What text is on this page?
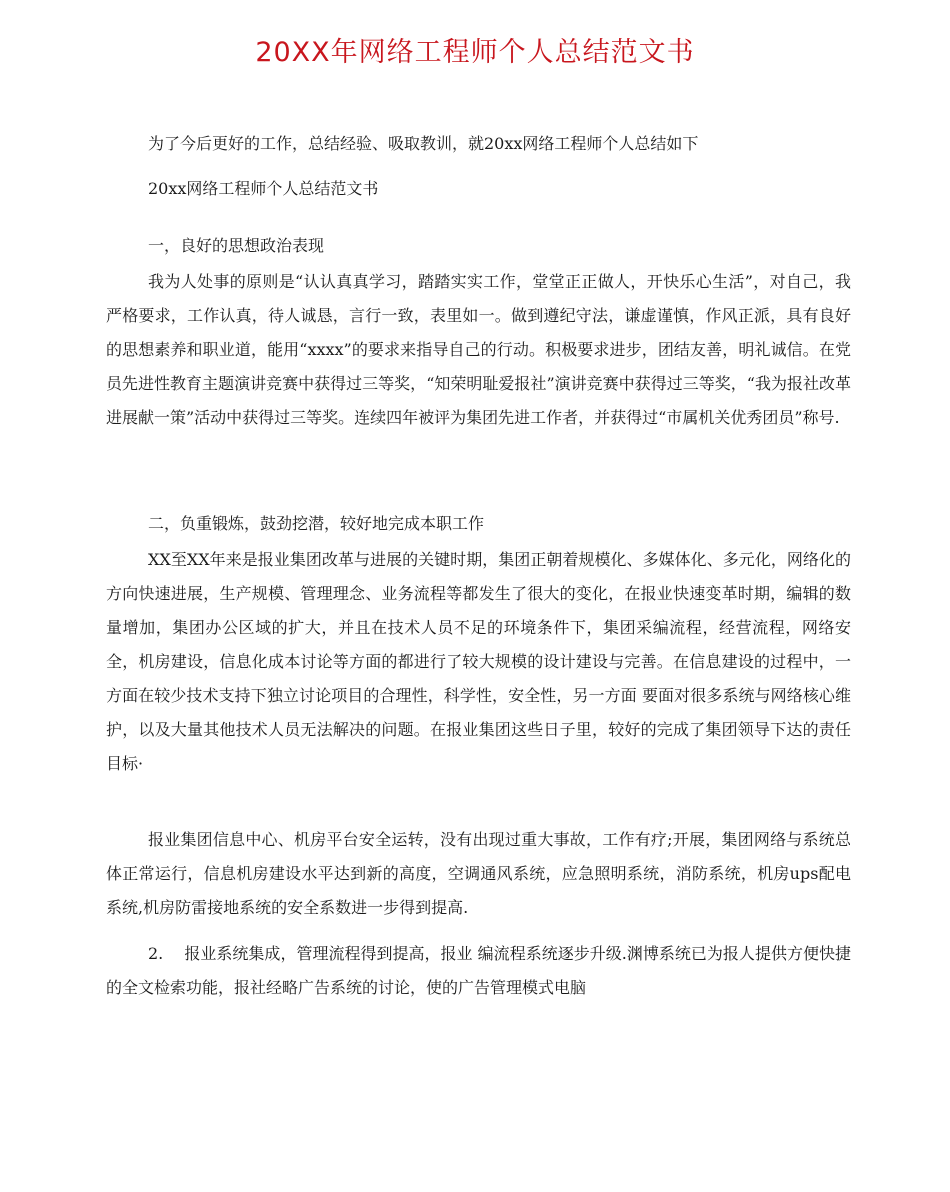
20XX年网络工程师个人总结范文书
为了今后更好的工作，总结经验、吸取教训，就20xx网络工程师个人总结如下
20xx网络工程师个人总结范文书
一，良好的思想政治表现

我为人处事的原则是“认认真真学习，踏踏实实工作，堂堂正正做人，开快乐心生活”，对自己，我严格要求，工作认真，待人诚恳，言行一致，表里如一。做到遵纪守法，谦虚谨慎，作风正派，具有良好的思想素养和职业道，能用“xxxx”的要求来指导自己的行动。积极要求进步，团结友善，明礼诚信。在党员先进性教育主题演讲竞赛中获得过三等奖，“知荣明耻爱报社”演讲竞赛中获得过三等奖，“我为报社改革进展献一策”活动中获得过三等奖。连续四年被评为集团先进工作者，并获得过“市属机关优秀团员”称号.

二，负重锻炼，鼓劲挖潜，较好地完成本职工作

XX至XX年来是报业集团改革与进展的关键时期，集团正朝着规模化、多媒体化、多元化，网络化的方向快速进展，生产规模、管理理念、业务流程等都发生了很大的变化，在报业快速变革时期，编辑的数量增加，集团办公区域的扩大，并且在技术人员不足的环境条件下，集团采编流程，经营流程，网络安全，机房建设，信息化成本讨论等方面的都进行了较大规模的设计建设与完善。在信息建设的过程中，一方面在较少技术支持下独立讨论项目的合理性，科学性，安全性，另一方面 要面对很多系统与网络核心维护，以及大量其他技术人员无法解决的问题。在报业集团这些日子里，较好的完成了集团领导下达的责任目标·

报业集团信息中心、机房平台安全运转，没有出现过重大事故，工作有疗;开展，集团网络与系统总体正常运行，信息机房建设水平达到新的高度，空调通风系统，应急照明系统，消防系统，机房ups配电系统,机房防雷接地系统的安全系数进一步得到提高.

2.　 报业系统集成，管理流程得到提高，报业 编流程系统逐步升级.渊博系统已为报人提供方便快捷的全文检索功能，报社经略广告系统的讨论，使的广告管理模式电脑
